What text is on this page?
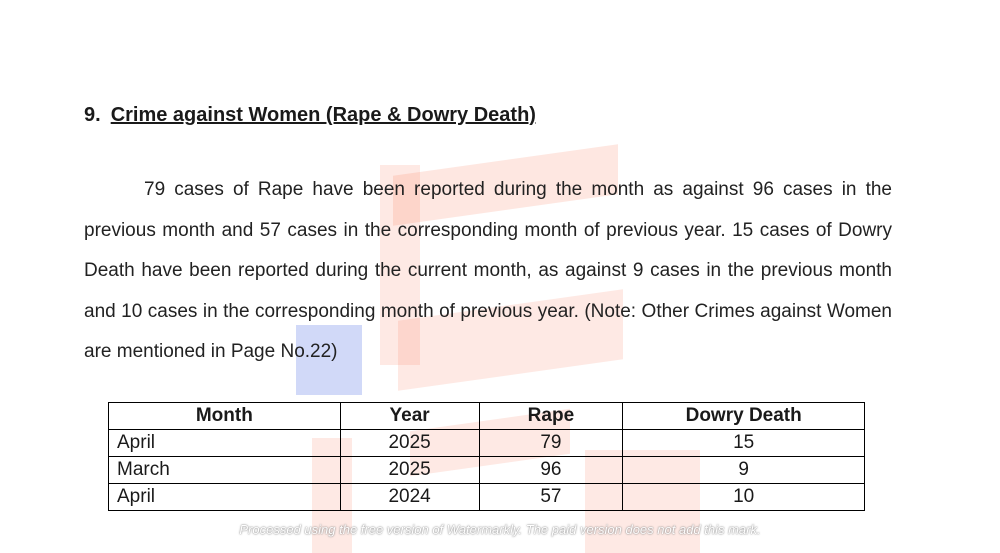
9. Crime against Women (Rape & Dowry Death)
79 cases of Rape have been reported during the month as against 96 cases in the previous month and 57 cases in the corresponding month of previous year. 15 cases of Dowry Death have been reported during the current month, as against 9 cases in the previous month and 10 cases in the corresponding month of previous year. (Note: Other Crimes against Women are mentioned in Page No.22)
Month	Year	Rape	Dowry Death
April	2025	79	15
March	2025	96	9
April	2024	57	10
Processed using the free version of Watermarkly. The paid version does not add this mark.
